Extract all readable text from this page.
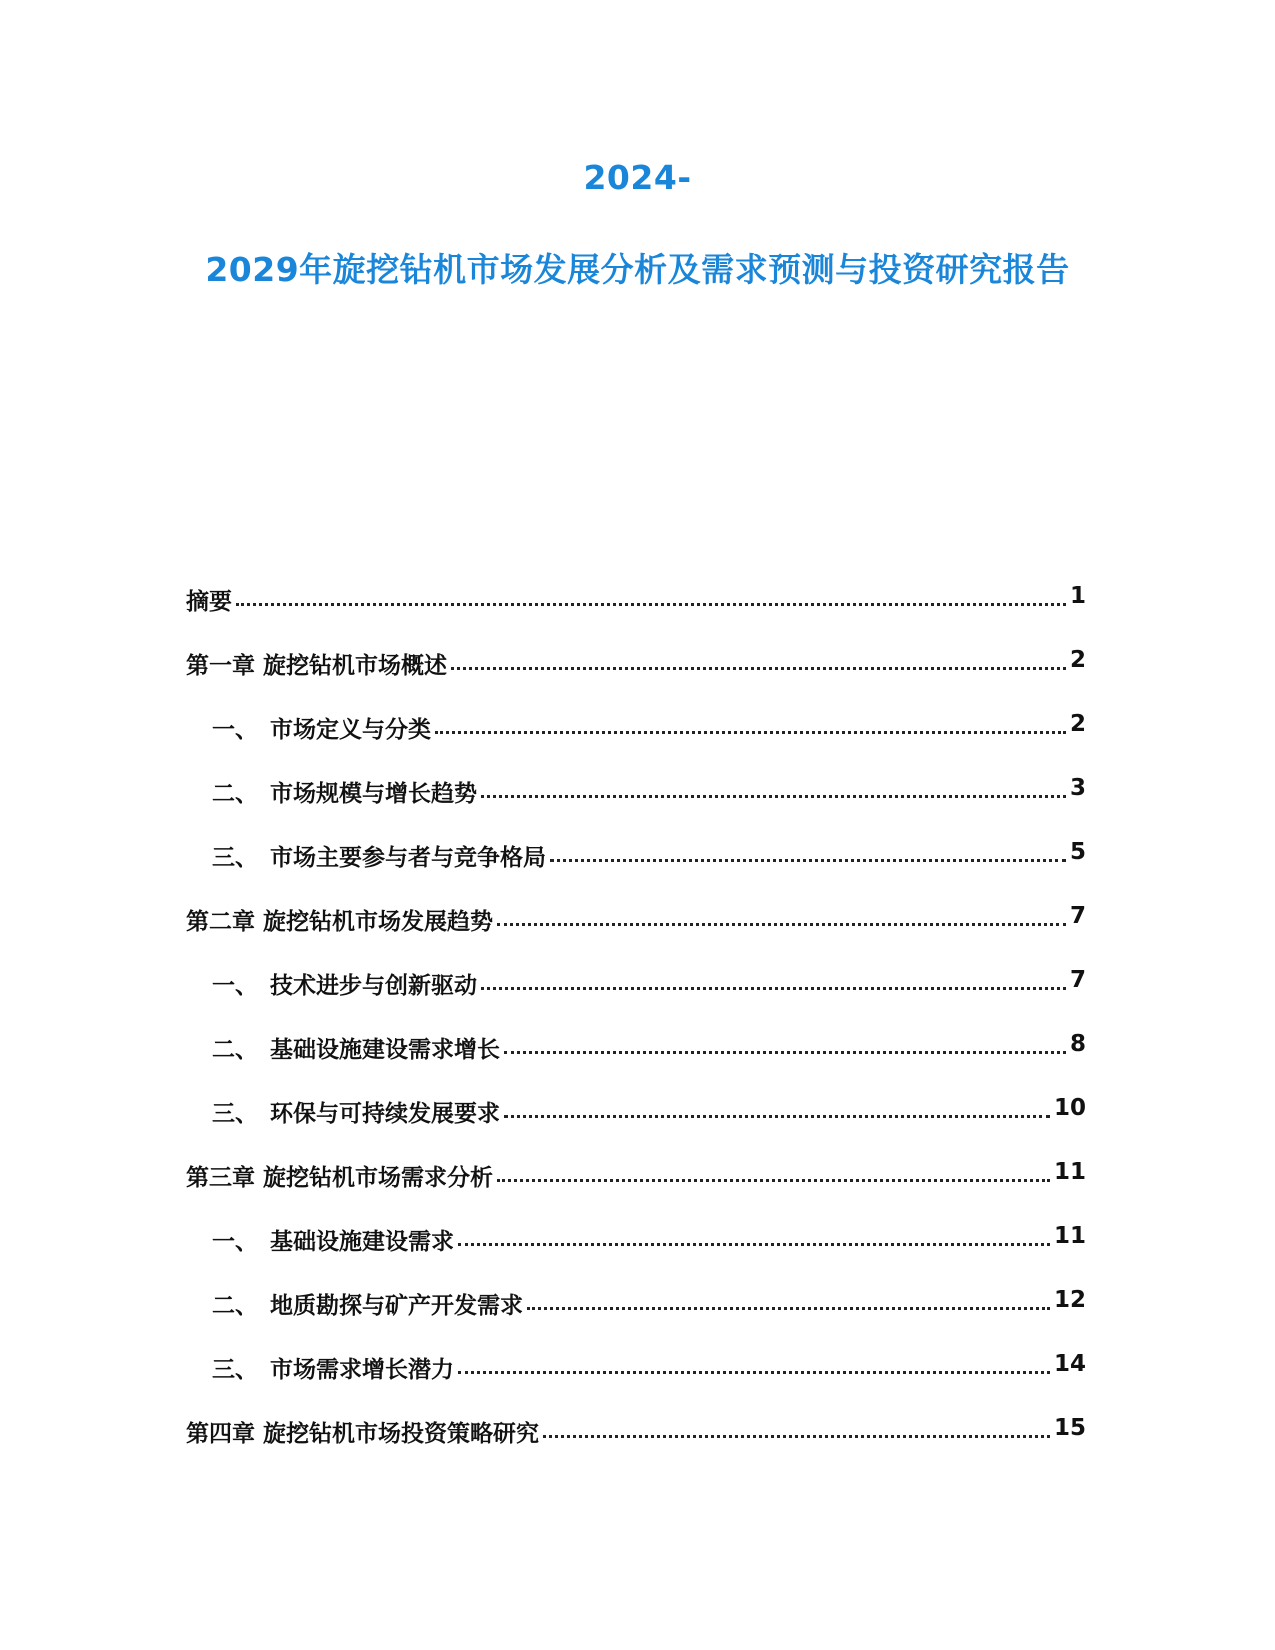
2024-
2029年旋挖钻机市场发展分析及需求预测与投资研究报告
摘要	1
第一章 旋挖钻机市场概述	2
一、 市场定义与分类	2
二、 市场规模与增长趋势	3
三、 市场主要参与者与竞争格局	5
第二章 旋挖钻机市场发展趋势	7
一、 技术进步与创新驱动	7
二、 基础设施建设需求增长	8
三、 环保与可持续发展要求	10
第三章 旋挖钻机市场需求分析	11
一、 基础设施建设需求	11
二、 地质勘探与矿产开发需求	12
三、 市场需求增长潜力	14
第四章 旋挖钻机市场投资策略研究	15
